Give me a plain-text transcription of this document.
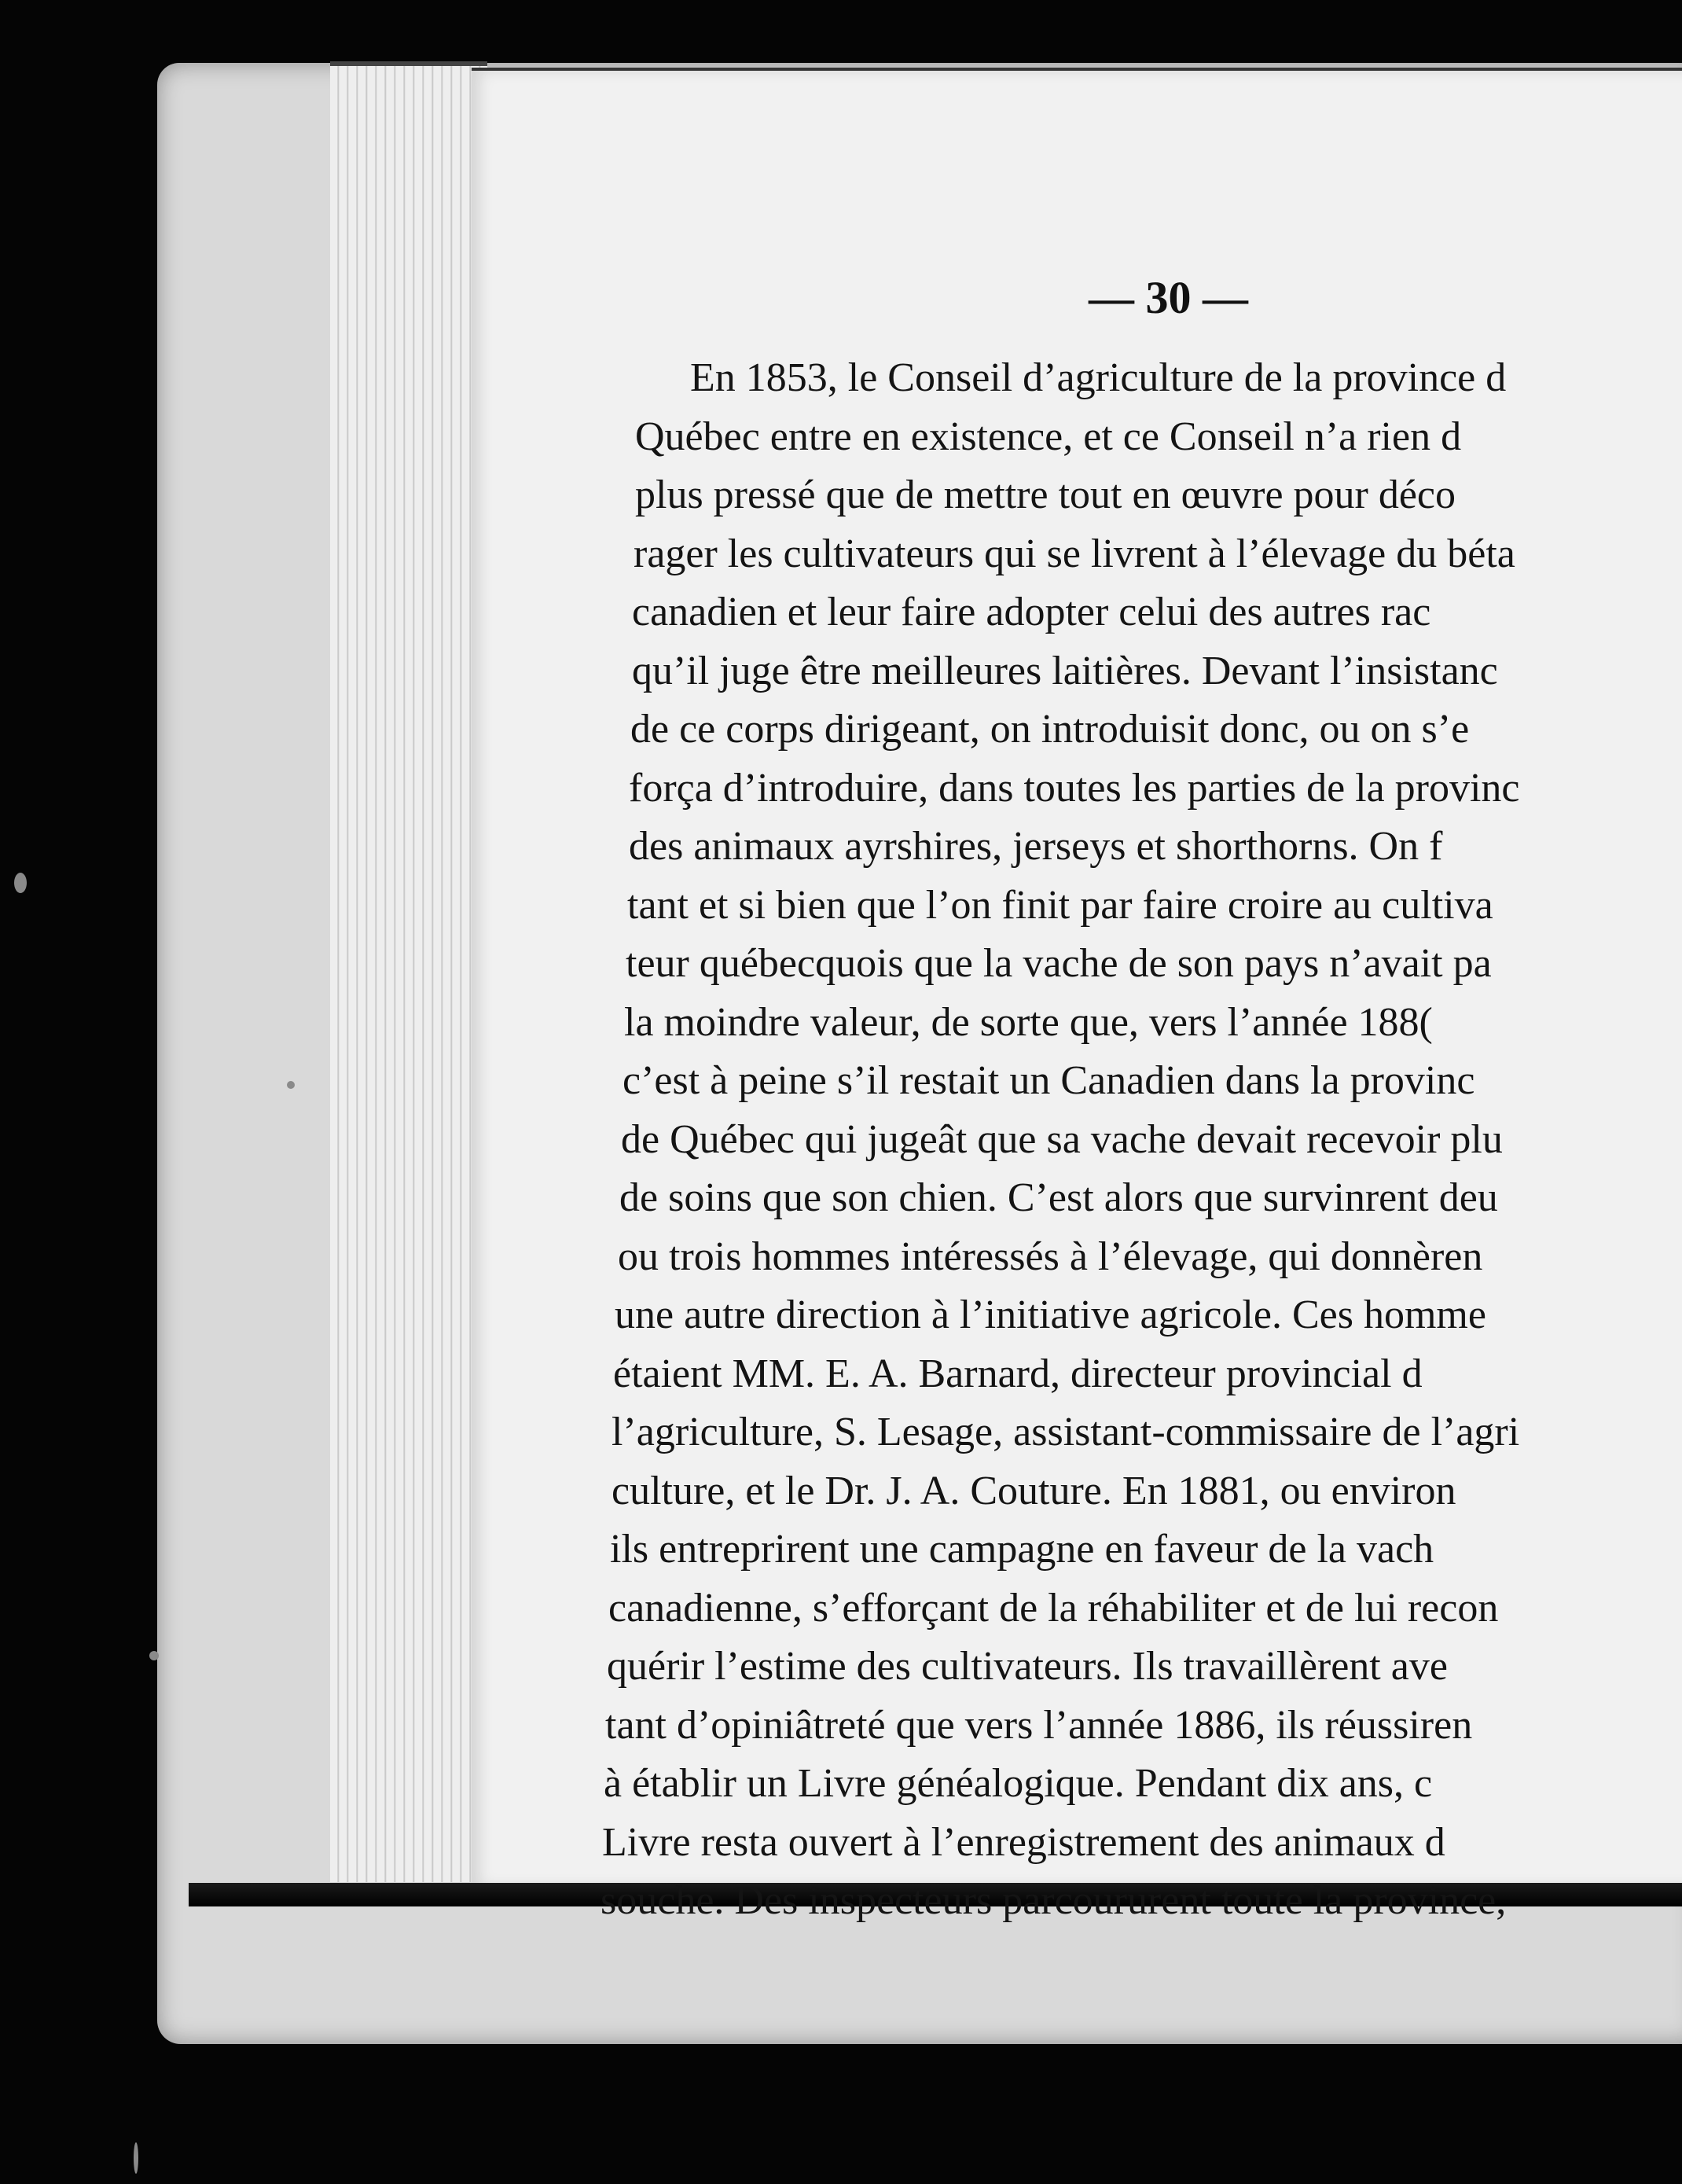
— 30 —
En 1853, le Conseil d’agriculture de la province d
Québec entre en existence, et ce Conseil n’a rien d
plus pressé que de mettre tout en œuvre pour déco
rager les cultivateurs qui se livrent à l’élevage du béta
canadien et leur faire adopter celui des autres rac
qu’il juge être meilleures laitières. Devant l’insistanc
de ce corps dirigeant, on introduisit donc, ou on s’e
força d’introduire, dans toutes les parties de la provinc
des animaux ayrshires, jerseys et shorthorns. On f
tant et si bien que l’on finit par faire croire au cultiva
teur québecquois que la vache de son pays n’avait pa
la moindre valeur, de sorte que, vers l’année 188(
c’est à peine s’il restait un Canadien dans la provinc
de Québec qui jugeât que sa vache devait recevoir plu
de soins que son chien. C’est alors que survinrent deu
ou trois hommes intéressés à l’élevage, qui donnèren
une autre direction à l’initiative agricole. Ces homme
étaient MM. E. A. Barnard, directeur provincial d
l’agriculture, S. Lesage, assistant-commissaire de l’agri
culture, et le Dr. J. A. Couture. En 1881, ou environ
ils entreprirent une campagne en faveur de la vach
canadienne, s’efforçant de la réhabiliter et de lui recon
quérir l’estime des cultivateurs. Ils travaillèrent ave
tant d’opiniâtreté que vers l’année 1886, ils réussiren
à établir un Livre généalogique. Pendant dix ans, c
Livre resta ouvert à l’enregistrement des animaux d
souche. Des inspecteurs parcoururent toute la province,
